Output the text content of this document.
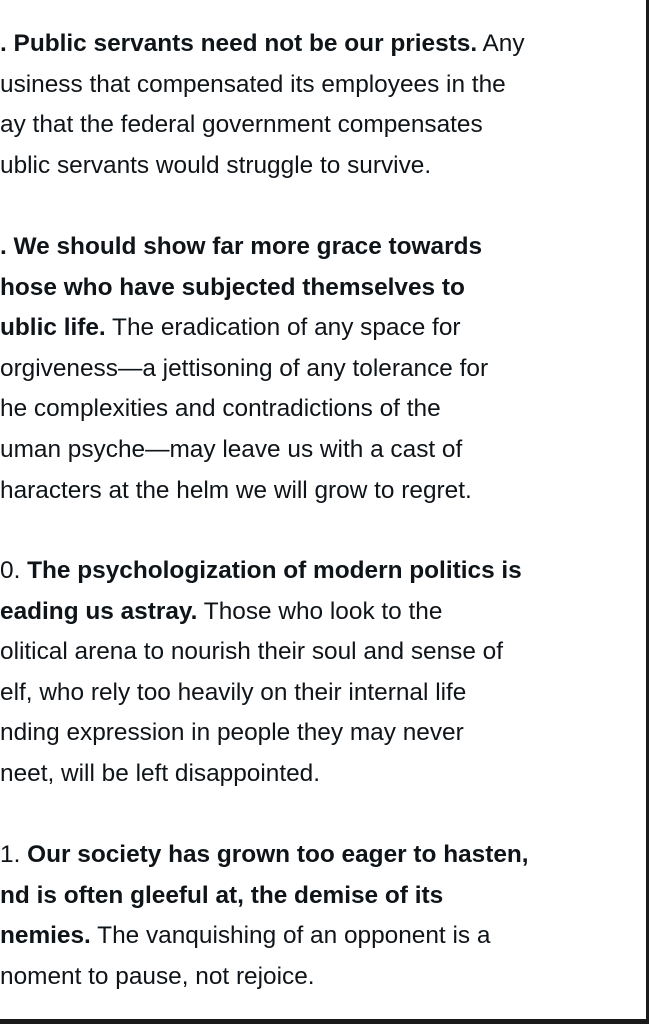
. Public servants need not be our priests. Any
usiness that compensated its employees in the
ay that the federal government compensates
ublic servants would struggle to survive.
. We should show far more grace towards
hose who have subjected themselves to
ublic life. The eradication of any space for
orgiveness—a jettisoning of any tolerance for
he complexities and contradictions of the
uman psyche—may leave us with a cast of
haracters at the helm we will grow to regret.
0. The psychologization of modern politics is
eading us astray. Those who look to the
olitical arena to nourish their soul and sense of
elf, who rely too heavily on their internal life
nding expression in people they may never
neet, will be left disappointed.
1. Our society has grown too eager to hasten,
nd is often gleeful at, the demise of its
nemies. The vanquishing of an opponent is a
noment to pause, not rejoice.
